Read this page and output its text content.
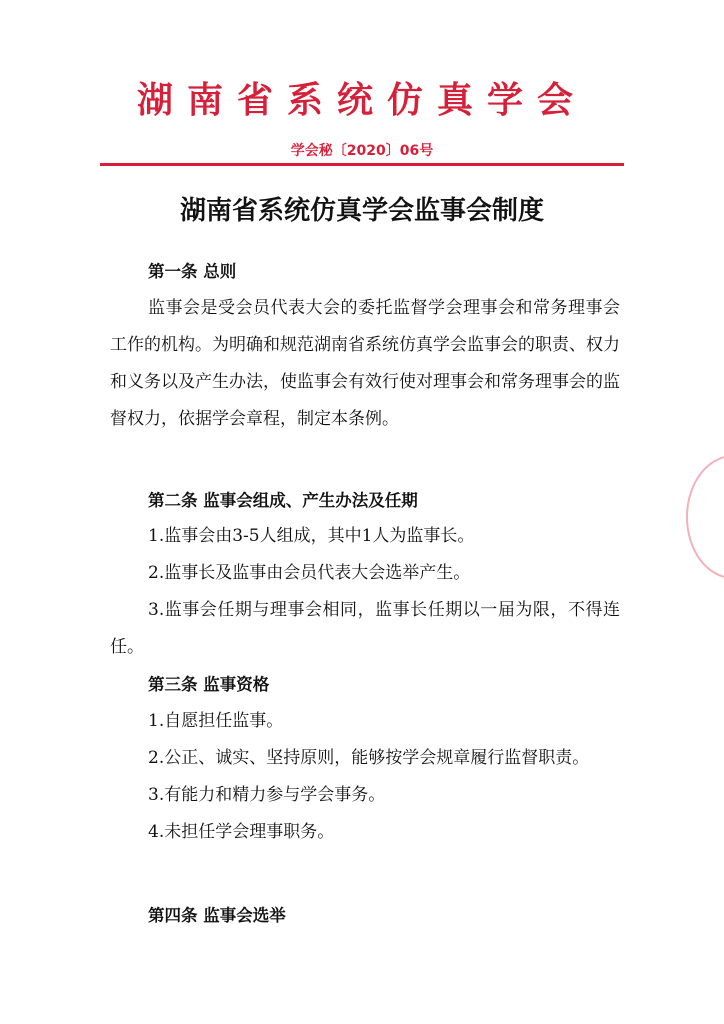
湖南省系统仿真学会
学会秘〔2020〕06号
湖南省系统仿真学会监事会制度
第一条 总则
监事会是受会员代表大会的委托监督学会理事会和常务理事会工作的机构。为明确和规范湖南省系统仿真学会监事会的职责、权力和义务以及产生办法，使监事会有效行使对理事会和常务理事会的监督权力，依据学会章程，制定本条例。
第二条 监事会组成、产生办法及任期
1.监事会由3-5人组成，其中1人为监事长。
2.监事长及监事由会员代表大会选举产生。
3.监事会任期与理事会相同，监事长任期以一届为限，不得连任。
第三条 监事资格
1.自愿担任监事。
2.公正、诚实、坚持原则，能够按学会规章履行监督职责。
3.有能力和精力参与学会事务。
4.未担任学会理事职务。
第四条 监事会选举
